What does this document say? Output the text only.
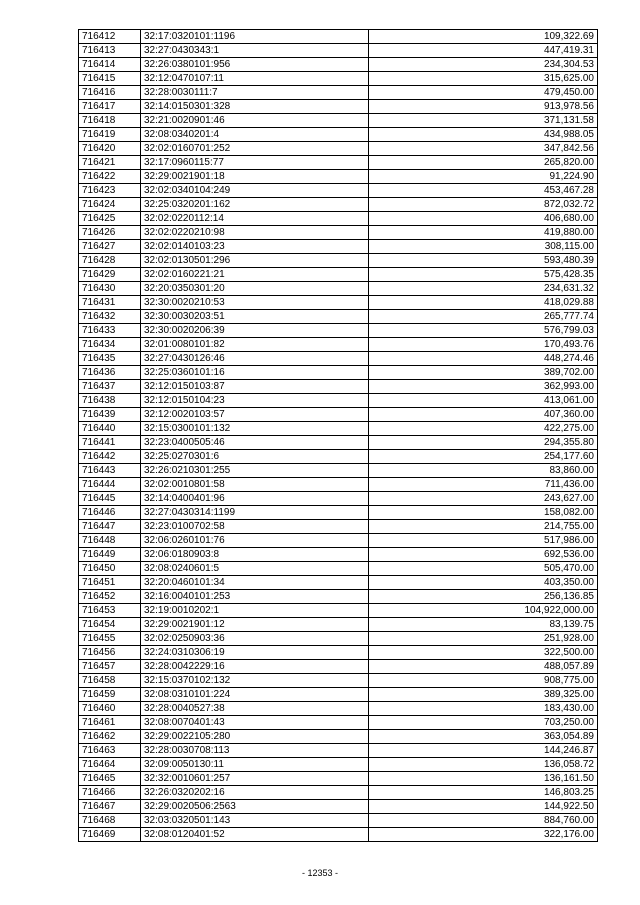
716412	32:17:0320101:1196	109,322.69
716413	32:27:0430343:1	447,419.31
716414	32:26:0380101:956	234,304.53
716415	32:12:0470107:11	315,625.00
716416	32:28:0030111:7	479,450.00
716417	32:14:0150301:328	913,978.56
716418	32:21:0020901:46	371,131.58
716419	32:08:0340201:4	434,988.05
716420	32:02:0160701:252	347,842.56
716421	32:17:0960115:77	265,820.00
716422	32:29:0021901:18	91,224.90
716423	32:02:0340104:249	453,467.28
716424	32:25:0320201:162	872,032.72
716425	32:02:0220112:14	406,680.00
716426	32:02:0220210:98	419,880.00
716427	32:02:0140103:23	308,115.00
716428	32:02:0130501:296	593,480.39
716429	32:02:0160221:21	575,428.35
716430	32:20:0350301:20	234,631.32
716431	32:30:0020210:53	418,029.88
716432	32:30:0030203:51	265,777.74
716433	32:30:0020206:39	576,799.03
716434	32:01:0080101:82	170,493.76
716435	32:27:0430126:46	448,274.46
716436	32:25:0360101:16	389,702.00
716437	32:12:0150103:87	362,993.00
716438	32:12:0150104:23	413,061.00
716439	32:12:0020103:57	407,360.00
716440	32:15:0300101:132	422,275.00
716441	32:23:0400505:46	294,355.80
716442	32:25:0270301:6	254,177.60
716443	32:26:0210301:255	83,860.00
716444	32:02:0010801:58	711,436.00
716445	32:14:0400401:96	243,627.00
716446	32:27:0430314:1199	158,082.00
716447	32:23:0100702:58	214,755.00
716448	32:06:0260101:76	517,986.00
716449	32:06:0180903:8	692,536.00
716450	32:08:0240601:5	505,470.00
716451	32:20:0460101:34	403,350.00
716452	32:16:0040101:253	256,136.85
716453	32:19:0010202:1	104,922,000.00
716454	32:29:0021901:12	83,139.75
716455	32:02:0250903:36	251,928.00
716456	32:24:0310306:19	322,500.00
716457	32:28:0042229:16	488,057.89
716458	32:15:0370102:132	908,775.00
716459	32:08:0310101:224	389,325.00
716460	32:28:0040527:38	183,430.00
716461	32:08:0070401:43	703,250.00
716462	32:29:0022105:280	363,054.89
716463	32:28:0030708:113	144,246.87
716464	32:09:0050130:11	136,058.72
716465	32:32:0010601:257	136,161.50
716466	32:26:0320202:16	146,803.25
716467	32:29:0020506:2563	144,922.50
716468	32:03:0320501:143	884,760.00
716469	32:08:0120401:52	322,176.00
- 12353 -
